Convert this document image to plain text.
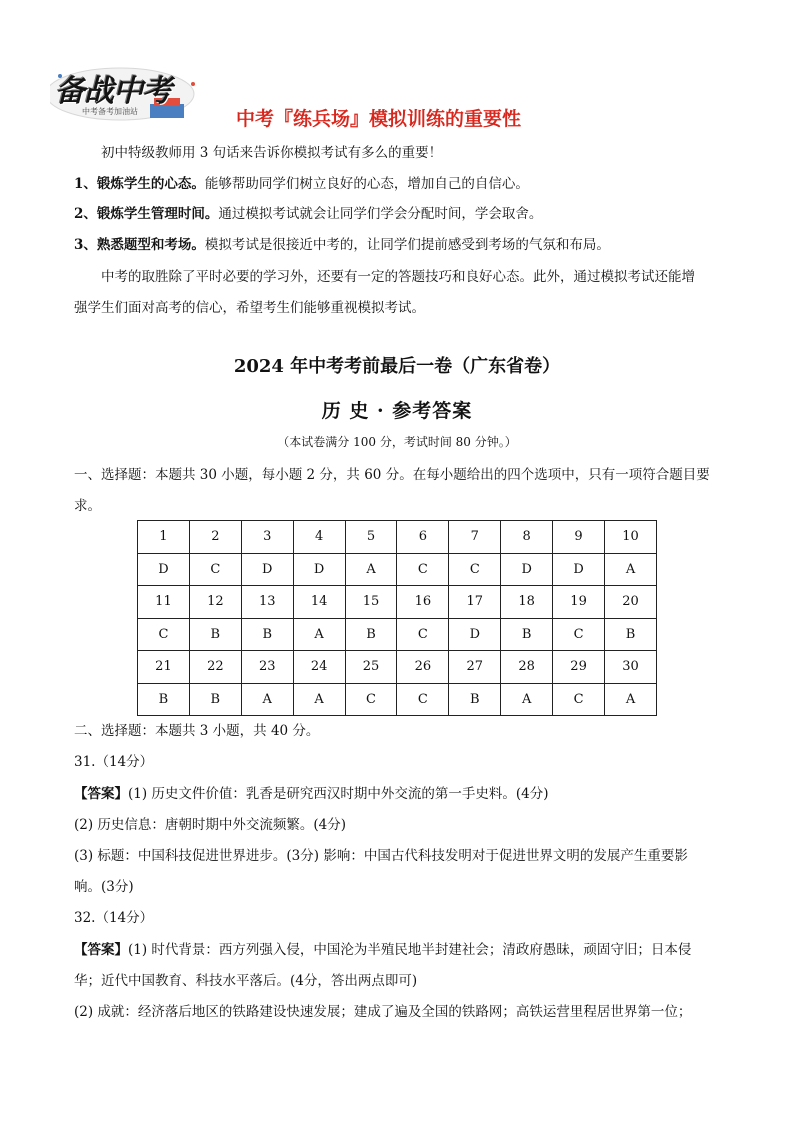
备战中考
中考备考加油站	中考『练兵场』模拟训练的重要性
初中特级教师用 3 句话来告诉你模拟考试有多么的重要！
1、锻炼学生的心态。能够帮助同学们树立良好的心态，增加自己的自信心。
2、锻炼学生管理时间。通过模拟考试就会让同学们学会分配时间，学会取舍。
3、熟悉题型和考场。模拟考试是很接近中考的，让同学们提前感受到考场的气氛和布局。
中考的取胜除了平时必要的学习外，还要有一定的答题技巧和良好心态。此外，通过模拟考试还能增
强学生们面对高考的信心，希望考生们能够重视模拟考试。
2024 年中考考前最后一卷（广东省卷）
历 史 · 参考答案
（本试卷满分 100 分，考试时间 80 分钟。）
一、选择题：本题共 30 小题，每小题 2 分，共 60 分。在每小题给出的四个选项中，只有一项符合题目要
求。
1	2	3	4	5	6	7	8	9	10
D	C	D	D	A	C	C	D	D	A
11	12	13	14	15	16	17	18	19	20
C	B	B	A	B	C	D	B	C	B
21	22	23	24	25	26	27	28	29	30
B	B	A	A	C	C	B	A	C	A
二、选择题：本题共 3 小题，共 40 分。
31.（14分）
【答案】(1) 历史文件价值：乳香是研究西汉时期中外交流的第一手史料。(4分)
(2) 历史信息：唐朝时期中外交流频繁。(4分)
(3) 标题：中国科技促进世界进步。(3分) 影响：中国古代科技发明对于促进世界文明的发展产生重要影
响。(3分)
32.（14分）
【答案】(1) 时代背景：西方列强入侵，中国沦为半殖民地半封建社会；清政府愚昧，顽固守旧；日本侵
华；近代中国教育、科技水平落后。(4分，答出两点即可)
(2) 成就：经济落后地区的铁路建设快速发展；建成了遍及全国的铁路网；高铁运营里程居世界第一位；
